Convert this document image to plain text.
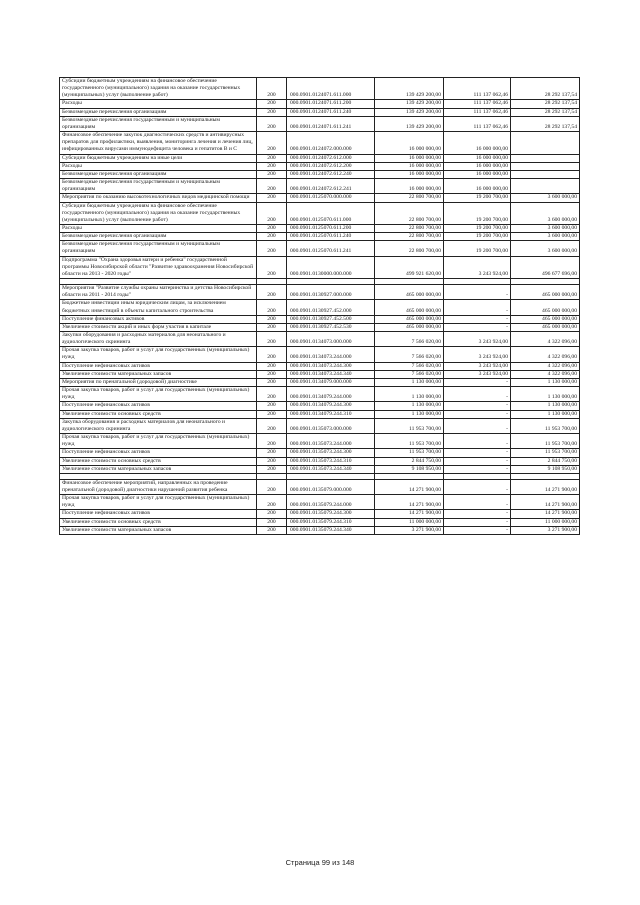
Субсидии бюджетным учреждениям на финансовое обеспечение государственного (муниципального) задания на оказание государственных (муниципальных) услуг (выполнение работ)	200	000.0901.0124071.611.000	139 429 200,00	111 137 062,46	28 292 137,54
Расходы	200	000.0901.0124071.611.200	139 429 200,00	111 137 062,46	28 292 137,54
Безвозмездные перечисления организациям	200	000.0901.0124071.611.240	139 429 200,00	111 137 062,46	28 292 137,54
Безвозмездные перечисления государственным и муниципальным организациям	200	000.0901.0124071.611.241	139 429 200,00	111 137 062,46	28 292 137,54
Финансовое обеспечение закупок диагностических средств и антивирусных препаратов для профилактики, выявления, мониторинга лечения и лечения лиц, инфицированных вирусами иммунодефицита человека и гепатитов В и С	200	000.0901.0124072.000.000	16 000 000,00	16 000 000,00	
Субсидии бюджетным учреждениям на иные цели	200	000.0901.0124072.612.000	16 000 000,00	16 000 000,00	
Расходы	200	000.0901.0124072.612.200	16 000 000,00	16 000 000,00	
Безвозмездные перечисления организациям	200	000.0901.0124072.612.240	16 000 000,00	16 000 000,00	
Безвозмездные перечисления государственным и муниципальным организациям	200	000.0901.0124072.612.241	16 000 000,00	16 000 000,00	
Мероприятия по оказанию высокотехнологичных видов медицинской помощи	200	000.0901.0125070.000.000	22 800 700,00	19 200 700,00	3 600 000,00
Субсидии бюджетным учреждениям на финансовое обеспечение государственного (муниципального) задания на оказание государственных (муниципальных) услуг (выполнение работ)	200	000.0901.0125070.611.000	22 800 700,00	19 200 700,00	3 600 000,00
Расходы	200	000.0901.0125070.611.200	22 800 700,00	19 200 700,00	3 600 000,00
Безвозмездные перечисления организациям	200	000.0901.0125070.611.240	22 800 700,00	19 200 700,00	3 600 000,00
Безвозмездные перечисления государственным и муниципальным организациям	200	000.0901.0125070.611.241	22 800 700,00	19 200 700,00	3 600 000,00
Подпрограмма "Охрана здоровья матери и ребенка" государственной программы Новосибирской области "Развитие здравоохранения Новосибирской области на 2013 - 2020 годы"	200	000.0901.0130000.000.000	499 921 620,00	3 243 924,00	496 677 696,00

Мероприятия "Развитие службы охраны материнства и детства Новосибирской области на 2011 - 2014 годы"	200	000.0901.0130927.000.000	465 000 000,00	-	465 000 000,00
Бюджетные инвестиции иным юридическим лицам, за исключением бюджетных инвестиций в объекты капитального строительства	200	000.0901.0130927.452.000	465 000 000,00	-	465 000 000,00
Поступление финансовых активов	200	000.0901.0130927.452.500	465 000 000,00	-	465 000 000,00
Увеличение стоимости акций и иных форм участия в капитале	200	000.0901.0130927.452.530	465 000 000,00	-	465 000 000,00
Закупки оборудования и расходных материалов для неонатального и аудиологического скрининга	200	000.0901.0134073.000.000	7 566 020,00	3 243 924,00	4 322 096,00
Прочая закупка товаров, работ и услуг для государственных (муниципальных) нужд	200	000.0901.0134073.244.000	7 566 020,00	3 243 924,00	4 322 096,00
Поступление нефинансовых активов	200	000.0901.0134073.244.300	7 566 020,00	3 243 924,00	4 322 096,00
Увеличение стоимости материальных запасов	200	000.0901.0134073.244.340	7 566 020,00	3 243 924,00	4 322 096,00
Мероприятия по пренатальной (дородовой) диагностике	200	000.0901.0134079.000.000	1 130 000,00	-	1 130 000,00
Прочая закупка товаров, работ и услуг для государственных (муниципальных) нужд	200	000.0901.0134079.244.000	1 130 000,00	-	1 130 000,00
Поступление нефинансовых активов	200	000.0901.0134079.244.300	1 130 000,00	-	1 130 000,00
Увеличение стоимости основных средств	200	000.0901.0134079.244.310	1 130 000,00	-	1 130 000,00
Закупка оборудования и расходных материалов для неонатального и аудиологического скрининга	200	000.0901.0135073.000.000	11 953 700,00	-	11 953 700,00
Прочая закупка товаров, работ и услуг для государственных (муниципальных) нужд	200	000.0901.0135073.244.000	11 953 700,00	-	11 953 700,00
Поступление нефинансовых активов	200	000.0901.0135073.244.300	11 953 700,00	-	11 953 700,00
Увеличение стоимости основных средств	200	000.0901.0135073.244.310	2 844 750,00	-	2 844 750,00
Увеличение стоимости материальных запасов	200	000.0901.0135073.244.340	9 108 950,00	-	9 108 950,00

Финансовое обеспечение мероприятий, направленных на проведение пренатальной (дородовой) диагностики нарушений развития ребенка	200	000.0901.0135079.000.000	14 271 900,00	-	14 271 900,00
Прочая закупка товаров, работ и услуг для государственных (муниципальных) нужд	200	000.0901.0135079.244.000	14 271 900,00	-	14 271 900,00
Поступление нефинансовых активов	200	000.0901.0135079.244.300	14 271 900,00	-	14 271 900,00
Увеличение стоимости основных средств	200	000.0901.0135079.244.310	11 000 000,00	-	11 000 000,00
Увеличение стоимости материальных запасов	200	000.0901.0135079.244.340	3 271 900,00	-	3 271 900,00
Страница 99 из 148
